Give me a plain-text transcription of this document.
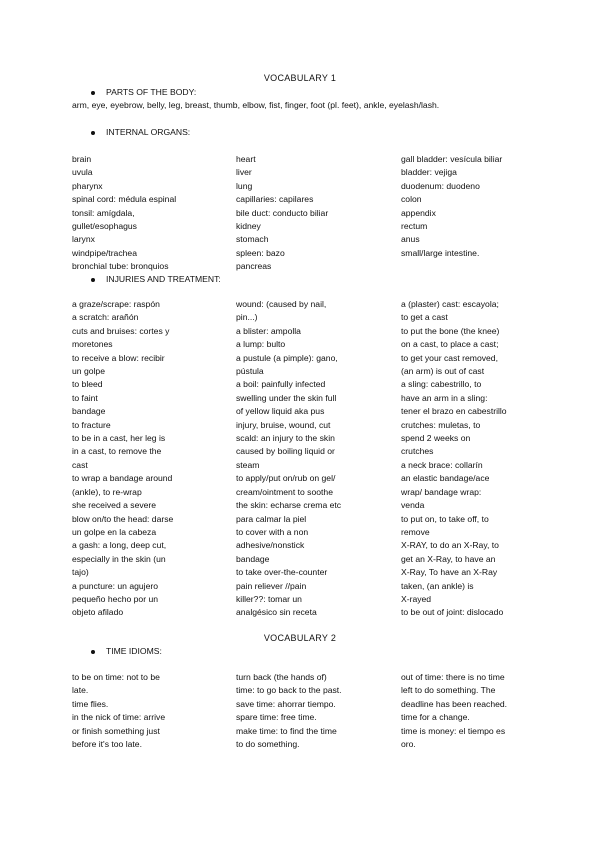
VOCABULARY 1
PARTS OF THE BODY:
arm, eye, eyebrow, belly, leg, breast, thumb, elbow, fist, finger, foot (pl. feet), ankle, eyelash/lash.
INTERNAL ORGANS:
brain
uvula
pharynx
spinal cord: médula espinal
tonsil: amígdala,
gullet/esophagus
larynx
windpipe/trachea
bronchial tube: bronquios
heart
liver
lung
capillaries: capilares
bile duct: conducto biliar
kidney
stomach
spleen: bazo
pancreas
gall bladder: vesícula biliar
bladder: vejiga
duodenum: duodeno
colon
appendix
rectum
anus
small/large intestine.
INJURIES AND TREATMENT:
a graze/scrape: raspón
a scratch: arañón
cuts and bruises: cortes y
moretones
to receive a blow: recibir
un golpe
to bleed
to faint
bandage
to fracture
to be in a cast, her leg is
in a cast, to remove the
cast
to wrap a bandage around
(ankle), to re-wrap
she received a severe
blow on/to the head: darse
un golpe en la cabeza
a gash: a long, deep cut,
especially in the skin (un
tajo)
a puncture: un agujero
pequeño hecho por un
objeto afilado
wound: (caused by nail,
pin...)
a blister: ampolla
a lump: bulto
a pustule (a pimple): gano,
pústula
a boil: painfully infected
swelling under the skin full
of yellow liquid aka pus
injury, bruise, wound, cut
scald: an injury to the skin
caused by boiling liquid or
steam
to apply/put on/rub on gel/
cream/ointment to soothe
the skin: echarse crema etc
para calmar la piel
to cover with a non
adhesive/nonstick
bandage
to take over-the-counter
pain reliever //pain
killer??: tomar un
analgésico sin receta
a (plaster) cast: escayola;
to get a cast
to put the bone (the knee)
on a cast, to place a cast;
to get your cast removed,
(an arm) is out of cast
a sling: cabestrillo, to
have an arm in a sling:
tener el brazo en cabestrillo
crutches: muletas, to
spend 2 weeks on
crutches
a neck brace: collarín
an elastic bandage/ace
wrap/ bandage wrap:
venda
to put on, to take off, to
remove
X-RAY, to do an X-Ray, to
get an X-Ray, to have an
X-Ray, To have an X-Ray
taken, (an ankle) is
X-rayed
to be out of joint: dislocado
VOCABULARY 2
TIME IDIOMS:
to be on time: not to be
late.
time flies.
in the nick of time: arrive
or finish something just
before it's too late.
turn back (the hands of)
time: to go back to the past.
save time: ahorrar tiempo.
spare time: free time.
make time: to find the time
to do something.
out of time: there is no time
left to do something. The
deadline has been reached.
time for a change.
time is money: el tiempo es
oro.
